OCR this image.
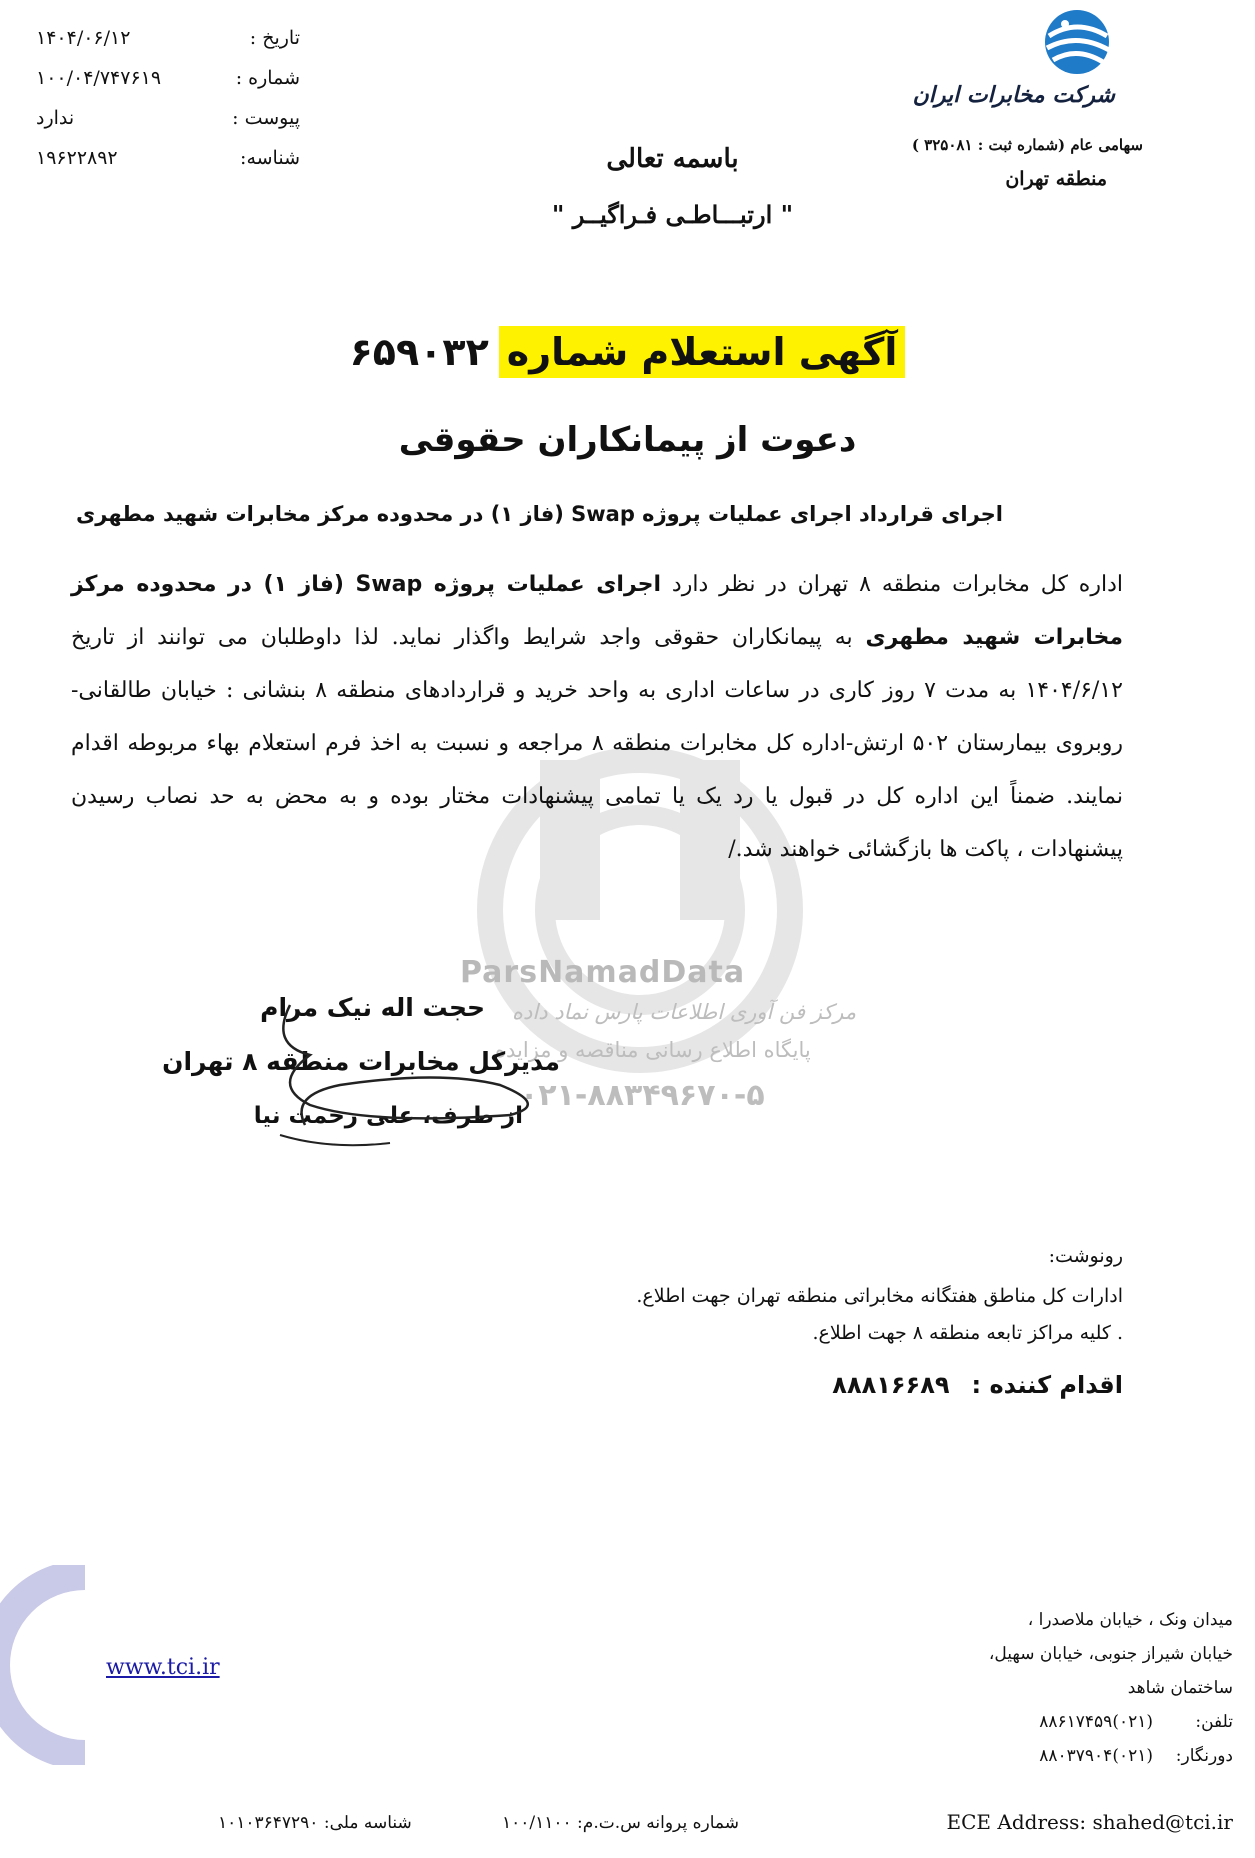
تاریخ :
۱۴۰۴/۰۶/۱۲
شماره :
۱۰۰/۰۴/۷۴۷۶۱۹
پیوست :
ندارد
شناسه:
۱۹۶۲۲۸۹۲
شرکت مخابرات ایران
سهامی عام (شماره ثبت : ۳۲۵۰۸۱ )
منطقه تهران
باسمه تعالی
" ارتبـــاطـی فـراگیــر "
ParsNamadData
مرکز فن آوری اطلاعات پارس نماد داده
پایگاه اطلاع رسانی مناقصه و مزایده
۰۲۱-۸۸۳۴۹۶۷۰-۵
آگهی استعلام شماره۶۵۹۰۳۲
دعوت از پیمانکاران حقوقی
اجرای قرارداد اجرای عملیات پروژه Swap (فاز ۱) در محدوده مرکز مخابرات شهید مطهری
اداره کل مخابرات منطقه ۸ تهران در نظر دارد اجرای عملیات پروژه Swap (فاز ۱) در محدوده مرکز مخابرات شهید مطهری به پیمانکاران حقوقی واجد شرایط واگذار نماید. لذا داوطلبان می توانند از تاریخ ۱۴۰۴/۶/۱۲ به مدت ۷ روز کاری در ساعات اداری به واحد خرید و قراردادهای منطقه ۸ بنشانی : خیابان طالقانی-روبروی بیمارستان ۵۰۲ ارتش-اداره کل مخابرات منطقه ۸ مراجعه و نسبت به اخذ فرم استعلام بهاء مربوطه اقدام نمایند. ضمناً این اداره کل در قبول یا رد یک یا تمامی پیشنهادات مختار بوده و به محض به حد نصاب رسیدن پیشنهادات ، پاکت ها بازگشائی خواهند شد./
حجت اله نیک مرام
مدیرکل مخابرات منطقه ۸ تهران
از طرف، علی رحمت نیا
رونوشت:
ادارات کل مناطق هفتگانه مخابراتی منطقه تهران جهت اطلاع.
. کلیه مراکز تابعه منطقه ۸ جهت اطلاع.
اقدام کننده :۸۸۸۱۶۶۸۹
www.tci.ir
میدان ونک ، خیابان ملاصدرا ،
خیابان شیراز جنوبی، خیابان سهیل،
ساختمان شاهد
تلفن:
(۰۲۱)۸۸۶۱۷۴۵۹
دورنگار:
(۰۲۱)۸۸۰۳۷۹۰۴
شناسه ملی: ۱۰۱۰۳۶۴۷۲۹۰	شماره پروانه س.ت.م: ۱۰۰/۱۱۰۰	ECE Address: shahed@tci.ir
